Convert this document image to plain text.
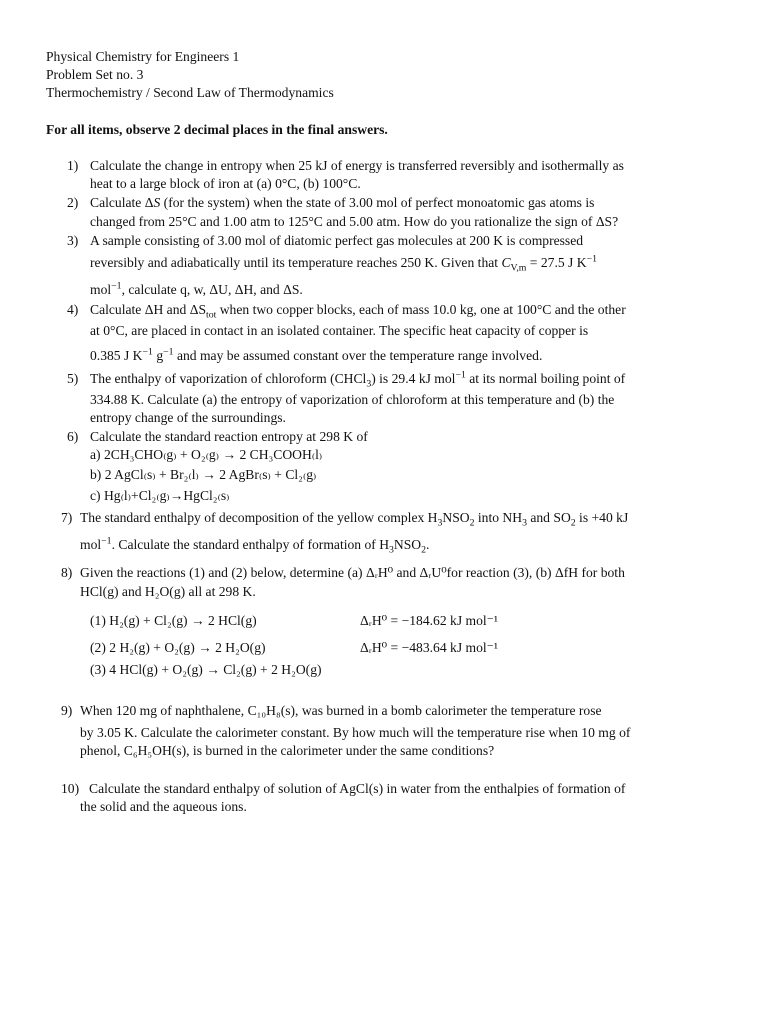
Physical Chemistry for Engineers 1
Problem Set no. 3
Thermochemistry / Second Law of Thermodynamics
For all items, observe 2 decimal places in the final answers.
1) Calculate the change in entropy when 25 kJ of energy is transferred reversibly and isothermally as
heat to a large block of iron at (a) 0°C, (b) 100°C.
2) Calculate ΔS (for the system) when the state of 3.00 mol of perfect monoatomic gas atoms is
changed from 25°C and 1.00 atm to 125°C and 5.00 atm. How do you rationalize the sign of ΔS?
3) A sample consisting of 3.00 mol of diatomic perfect gas molecules at 200 K is compressed
reversibly and adiabatically until its temperature reaches 250 K. Given that $C_{V,m} = 27.5$ J $K^{-1}$
mol$^{-1}$, calculate q, w, ΔU, ΔH, and ΔS.
4) Calculate ΔH and $\Delta S_{tot}$ when two copper blocks, each of mass 10.0 kg, one at 100°C and the other
at 0°C, are placed in contact in an isolated container. The specific heat capacity of copper is
0.385 J $K^{-1}$ $g^{-1}$ and may be assumed constant over the temperature range involved.
5) The enthalpy of vaporization of chloroform (CHCl$_3$) is 29.4 kJ mol$^{-1}$ at its normal boiling point of
334.88 K. Calculate (a) the entropy of vaporization of chloroform at this temperature and (b) the
entropy change of the surroundings.
6) Calculate the standard reaction entropy at 298 K of
a) 2CH₃CHO₍g₎ + O₂₍g₎ → 2 CH₃COOH₍l₎
b) 2 AgCl₍s₎ + Br₂₍l₎ → 2 AgBr₍s₎ + Cl₂₍g₎
c) Hg₍l₎+Cl₂₍g₎→HgCl₂₍s₎
7) The standard enthalpy of decomposition of the yellow complex $H_3NSO_2$ into $NH_3$ and $SO_2$ is +40 kJ
mol$^{-1}$. Calculate the standard enthalpy of formation of $H_3NSO_2$.
8) Given the reactions (1) and (2) below, determine (a) ΔᵣH⁰ and ΔᵣU⁰for reaction (3), (b) ΔfH for both
HCl(g) and H₂O(g) all at 298 K.
(1) H₂(g) + Cl₂(g) → 2 HCl(g)	ΔᵣH⁰ = −184.62 kJ mol⁻¹
(2) 2 H₂(g) + O₂(g) → 2 H₂O(g)	ΔᵣH⁰ = −483.64 kJ mol⁻¹
(3) 4 HCl(g) + O₂(g) → Cl₂(g) + 2 H₂O(g)
9) When 120 mg of naphthalene, C₁₀H₈(s), was burned in a bomb calorimeter the temperature rose
by 3.05 K. Calculate the calorimeter constant. By how much will the temperature rise when 10 mg of
phenol, C₆H₅OH(s), is burned in the calorimeter under the same conditions?
10) Calculate the standard enthalpy of solution of AgCl(s) in water from the enthalpies of formation of
the solid and the aqueous ions.
